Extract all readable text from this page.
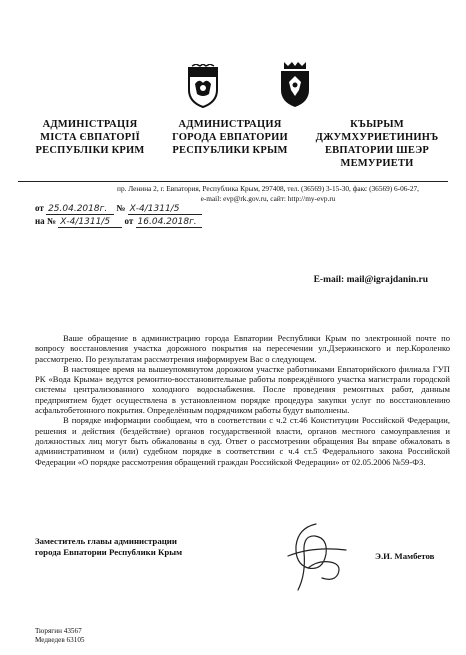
АДМИНІСТРАЦІЯ
МІСТА ЄВПАТОРІЇ
РЕСПУБЛІКИ КРИМ
АДМИНИСТРАЦИЯ
ГОРОДА ЕВПАТОРИИ
РЕСПУБЛИКИ КРЫМ
КЪЫРЫМ
ДЖУМХУРИЕТИНИНЪ
ЕВПАТОРИИ ШЕЭР
МЕМУРИЕТИ
пр. Ленина 2, г. Евпатория, Республика Крым, 297408, тел. (36569) 3-15-30, факс (36569) 6-06-27,
e-mail: evp@rk.gov.ru, сайт: http://my-evp.ru
от 25.04.2018г. № Х-4/1311/5
на № Х-4/1311/5 от 16.04.2018г.
E-mail: mail@igrajdanin.ru

Ваше обращение в администрацию города Евпатории Республики Крым по электронной почте по вопросу восстановления участка дорожного покрытия на пересечении ул.Дзержинского и пер.Короленко рассмотрено. По результатам рассмотрения информируем Вас о следующем.

В настоящее время на вышеупомянутом дорожном участке работниками Евпаторийского филиала ГУП РК «Вода Крыма» ведутся ремонтно-восстановительные работы повреждённого участка магистрали городской системы централизованного холодного водоснабжения. После проведения ремонтных работ, данным предприятием будет осуществлена в установленном порядке процедура закупки услуг по восстановлению асфальтобетонного покрытия. Определённым подрядчиком работы будут выполнены.

В порядке информации сообщаем, что в соответствии с ч.2 ст.46 Конституции Российской Федерации, решения и действия (бездействие) органов государственной власти, органов местного самоуправления и должностных лиц могут быть обжалованы в суд. Ответ о рассмотрении обращения Вы вправе обжаловать в административном и (или) судебном порядке в соответствии с ч.4 ст.5 Федерального закона Российской Федерации «О порядке рассмотрения обращений граждан Российской Федерации» от 02.05.2006 №59-ФЗ.

Заместитель главы администрации
города Евпатории Республики Крым	Э.И. Мамбетов
Тюрягин 43567
Медведев 63105
